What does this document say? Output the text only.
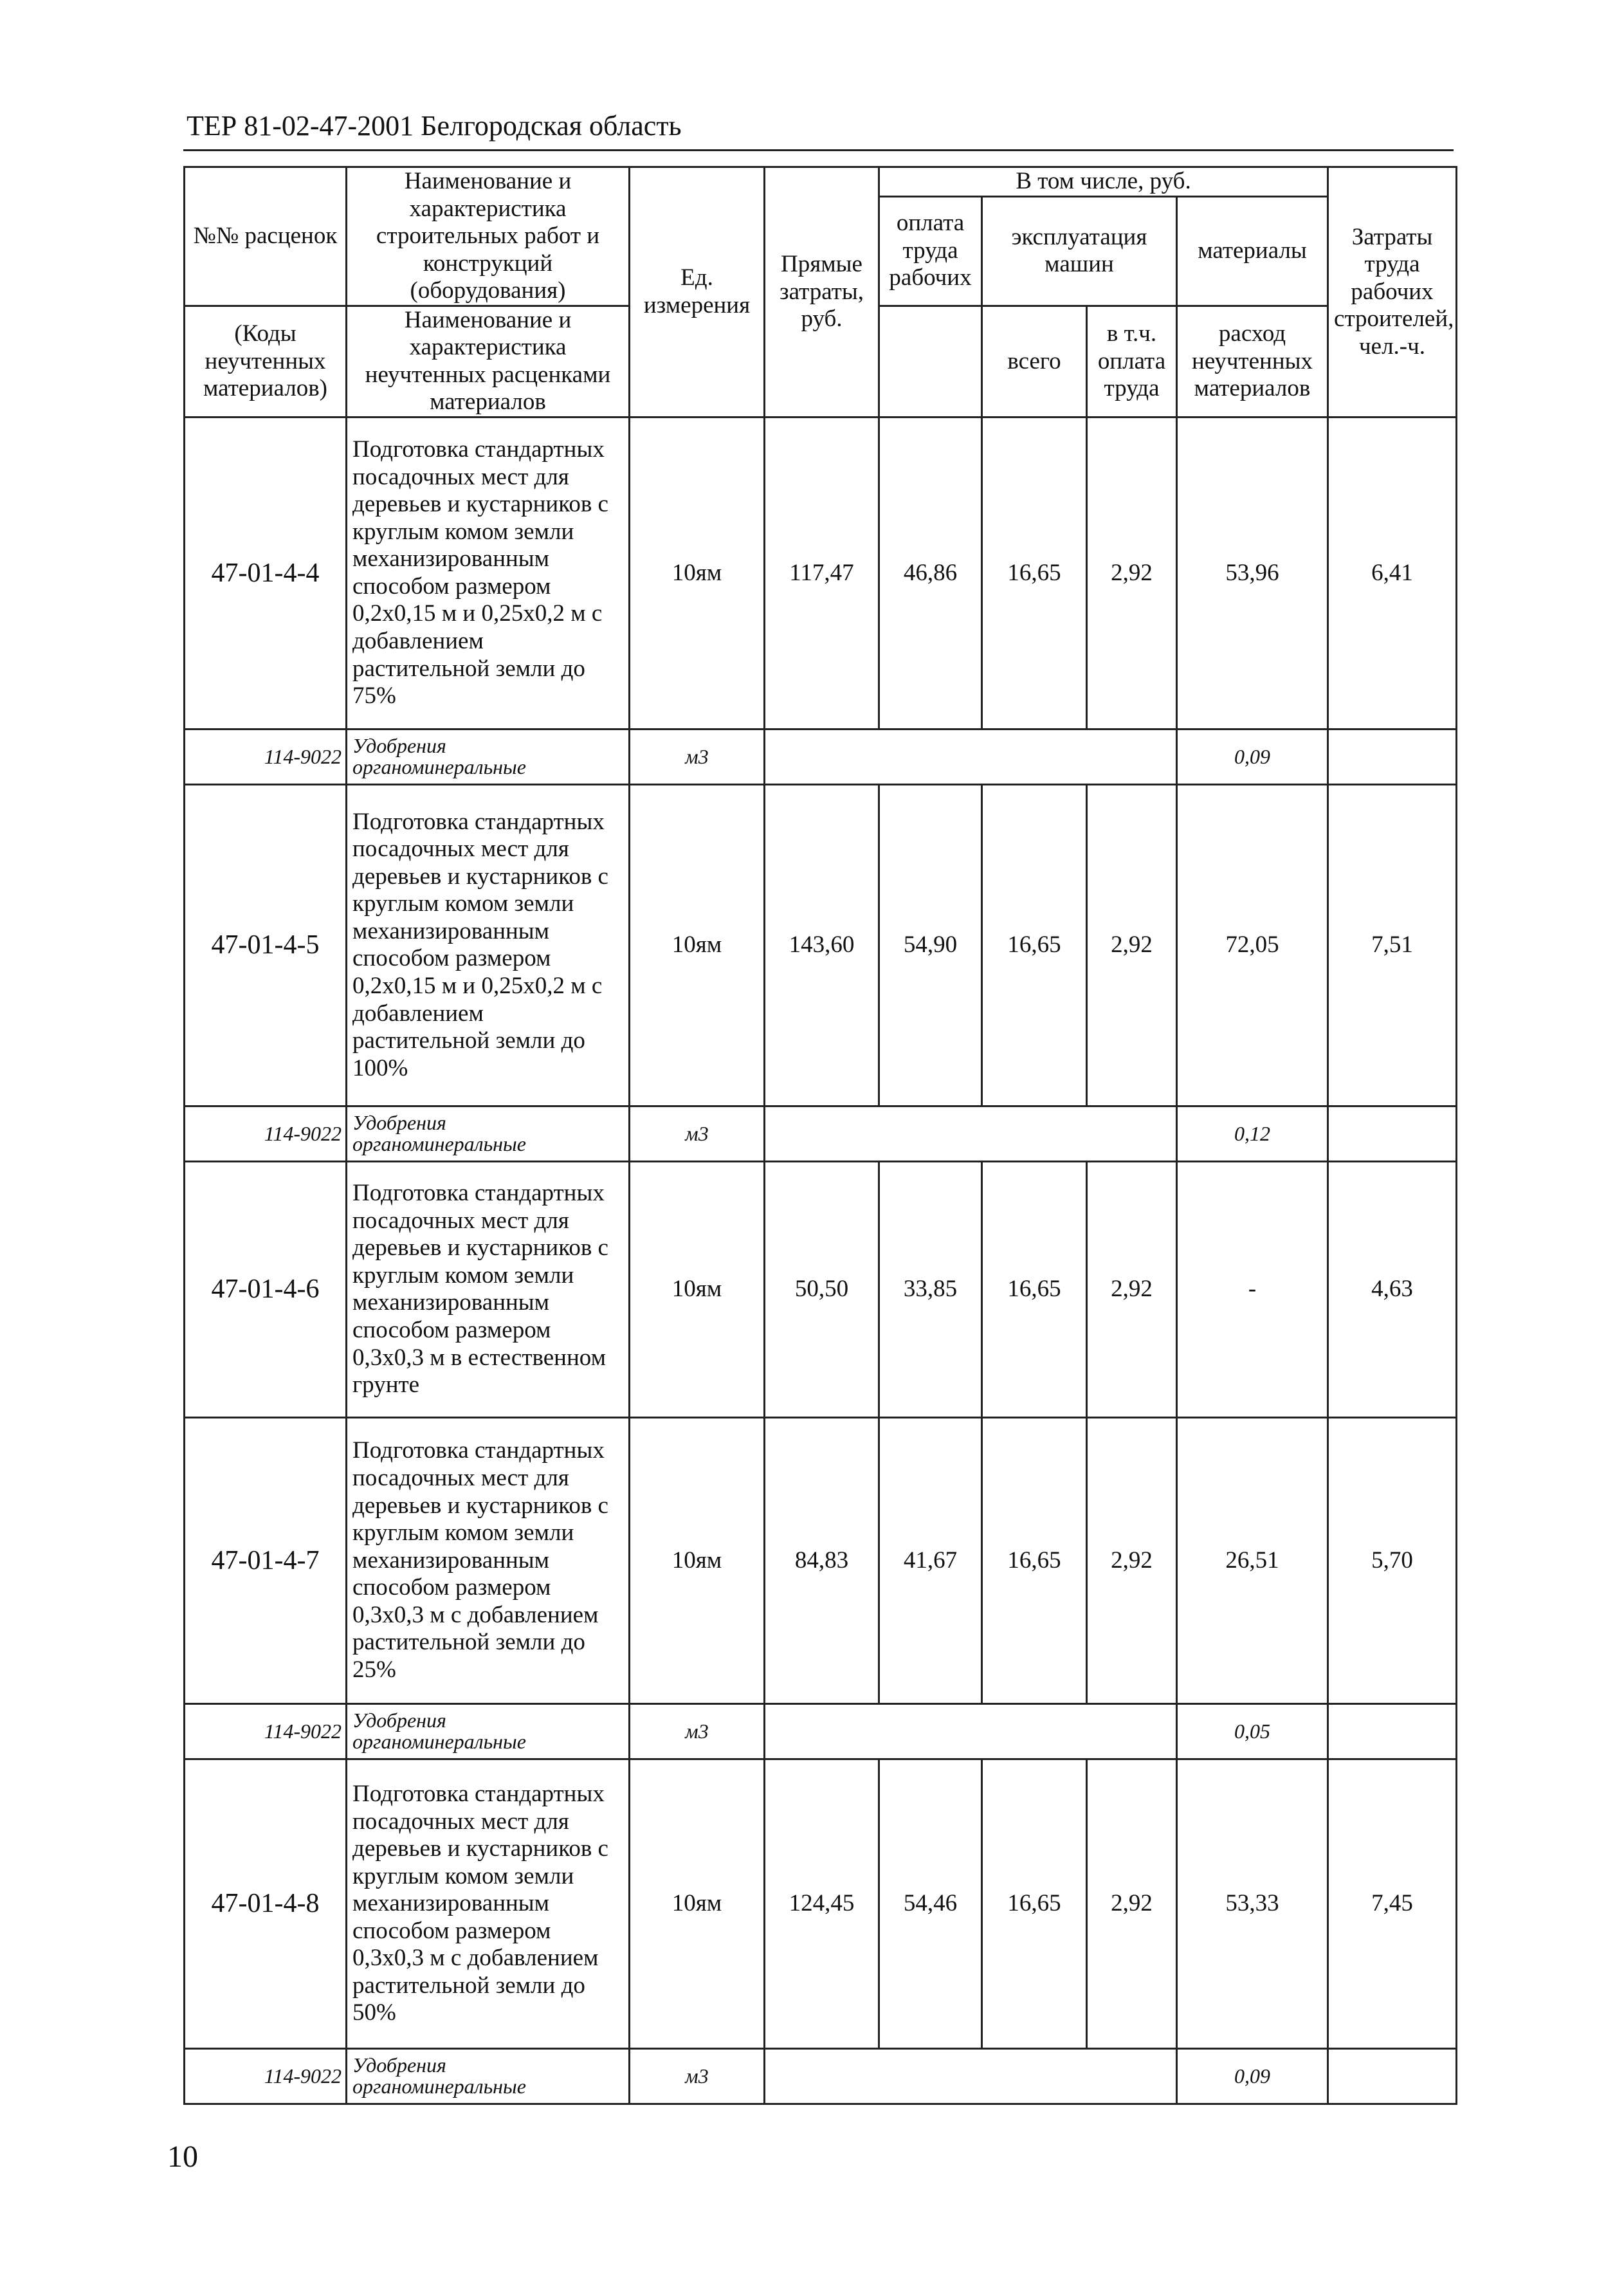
ТЕР 81-02-47-2001 Белгородская область
№№ расценок	Наименование и характеристика строительных работ и конструкций (оборудования)	Ед. измерения	Прямые затраты, руб.	В том числе, руб.				Затраты труда рабочих строителей, чел.-ч.
				оплата труда рабочих	эксплуатация машин		материалы	

(Коды неучтенных материалов)	Наименование и характеристика неучтенных расценками материалов				всего	в т.ч. оплата труда	расход неучтенных материалов	

47-01-4-4	Подготовка стандартных посадочных мест для деревьев и кустарников с круглым комом земли механизированным способом размером 0,2х0,15 м и 0,25х0,2 м с добавлением растительной земли до 75%	10ям	117,47	46,86	16,65	2,92	53,96	6,41
114-9022	Удобрения органоминеральные	м3					0,09	
47-01-4-5	Подготовка стандартных посадочных мест для деревьев и кустарников с круглым комом земли механизированным способом размером 0,2х0,15 м и 0,25х0,2 м с добавлением растительной земли до 100%	10ям	143,60	54,90	16,65	2,92	72,05	7,51
114-9022	Удобрения органоминеральные	м3					0,12	
47-01-4-6	Подготовка стандартных посадочных мест для деревьев и кустарников с круглым комом земли механизированным способом размером 0,3х0,3 м в естественном грунте	10ям	50,50	33,85	16,65	2,92	-	4,63
47-01-4-7	Подготовка стандартных посадочных мест для деревьев и кустарников с круглым комом земли механизированным способом размером 0,3х0,3 м с добавлением растительной земли до 25%	10ям	84,83	41,67	16,65	2,92	26,51	5,70
114-9022	Удобрения органоминеральные	м3					0,05	
47-01-4-8	Подготовка стандартных посадочных мест для деревьев и кустарников с круглым комом земли механизированным способом размером 0,3х0,3 м с добавлением растительной земли до 50%	10ям	124,45	54,46	16,65	2,92	53,33	7,45
114-9022	Удобрения органоминеральные	м3					0,09	
10
